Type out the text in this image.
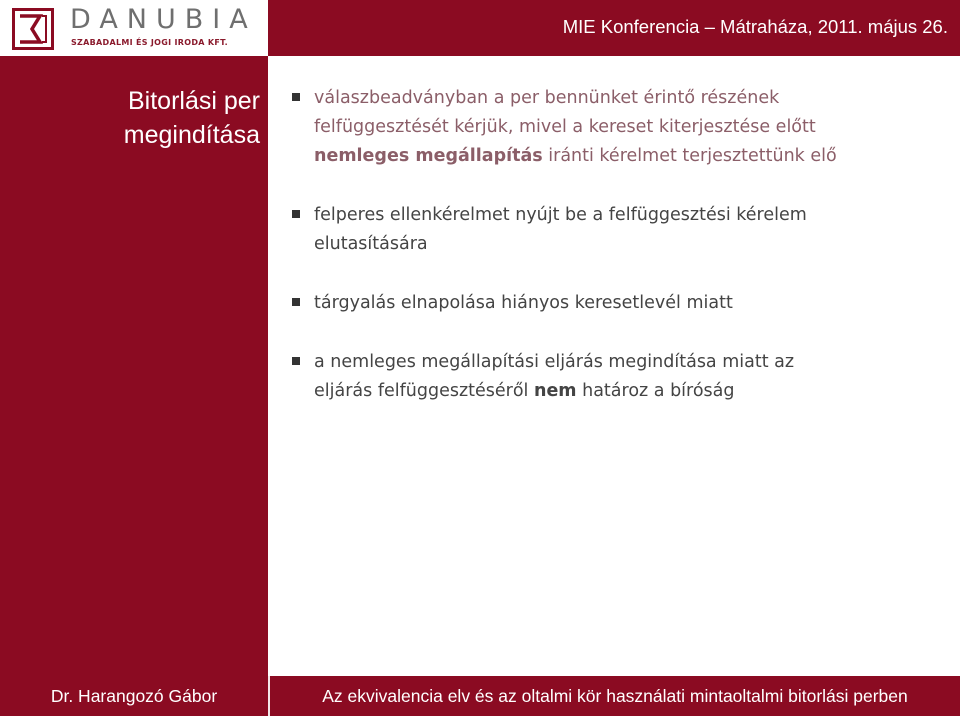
DANUBIA
SZABADALMI ÉS JOGI IRODA KFT.
MIE Konferencia – Mátraháza, 2011. május 26.
Bitorlási per
megindítása
válaszbeadványban a per bennünket érintő részének
felfüggesztését kérjük, mivel a kereset kiterjesztése előtt
nemleges megállapítás iránti kérelmet terjesztettünk elő
felperes ellenkérelmet nyújt be a felfüggesztési kérelem
elutasítására
tárgyalás elnapolása hiányos keresetlevél miatt
a nemleges megállapítási eljárás megindítása miatt az
eljárás felfüggesztéséről nem határoz a bíróság
Dr. Harangozó Gábor	Az ekvivalencia elv és az oltalmi kör használati mintaoltalmi bitorlási perben
